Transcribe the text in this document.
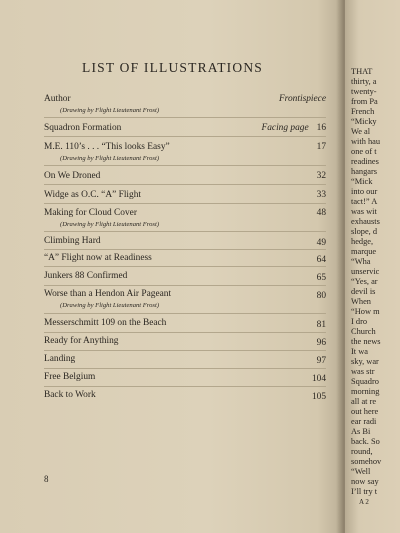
LIST OF ILLUSTRATIONS
Author	Frontispiece
(Drawing by Flight Lieutenant Frost)
Squadron Formation	Facing page 16
M.E. 110’s . . . “This looks Easy”	17
(Drawing by Flight Lieutenant Frost)
On We Droned	32
Widge as O.C. “A” Flight	33
Making for Cloud Cover	48
(Drawing by Flight Lieutenant Frost)
Climbing Hard	49
“A” Flight now at Readiness	64
Junkers 88 Confirmed	65
Worse than a Hendon Air Pageant	80
(Drawing by Flight Lieutenant Frost)
Messerschmitt 109 on the Beach	81
Ready for Anything	96
Landing	97
Free Belgium	104
Back to Work	105
8
THAT
thirty, a
twenty-
from Pa
French
“Micky
We al
with hau
one of t
readines
hangars
“Mick
into our
tact!” A
was wit
exhausts
slope, d
hedge,
marque
“Wha
unservic
“Yes, ar
devil is
When
“How m
I dro
Church
the news
It wa
sky, war
was str
Squadro
morning
all at re
out here
ear radi
As Bi
back. So
round,
somehov
“Well
now say
I’ll try t
A 2
